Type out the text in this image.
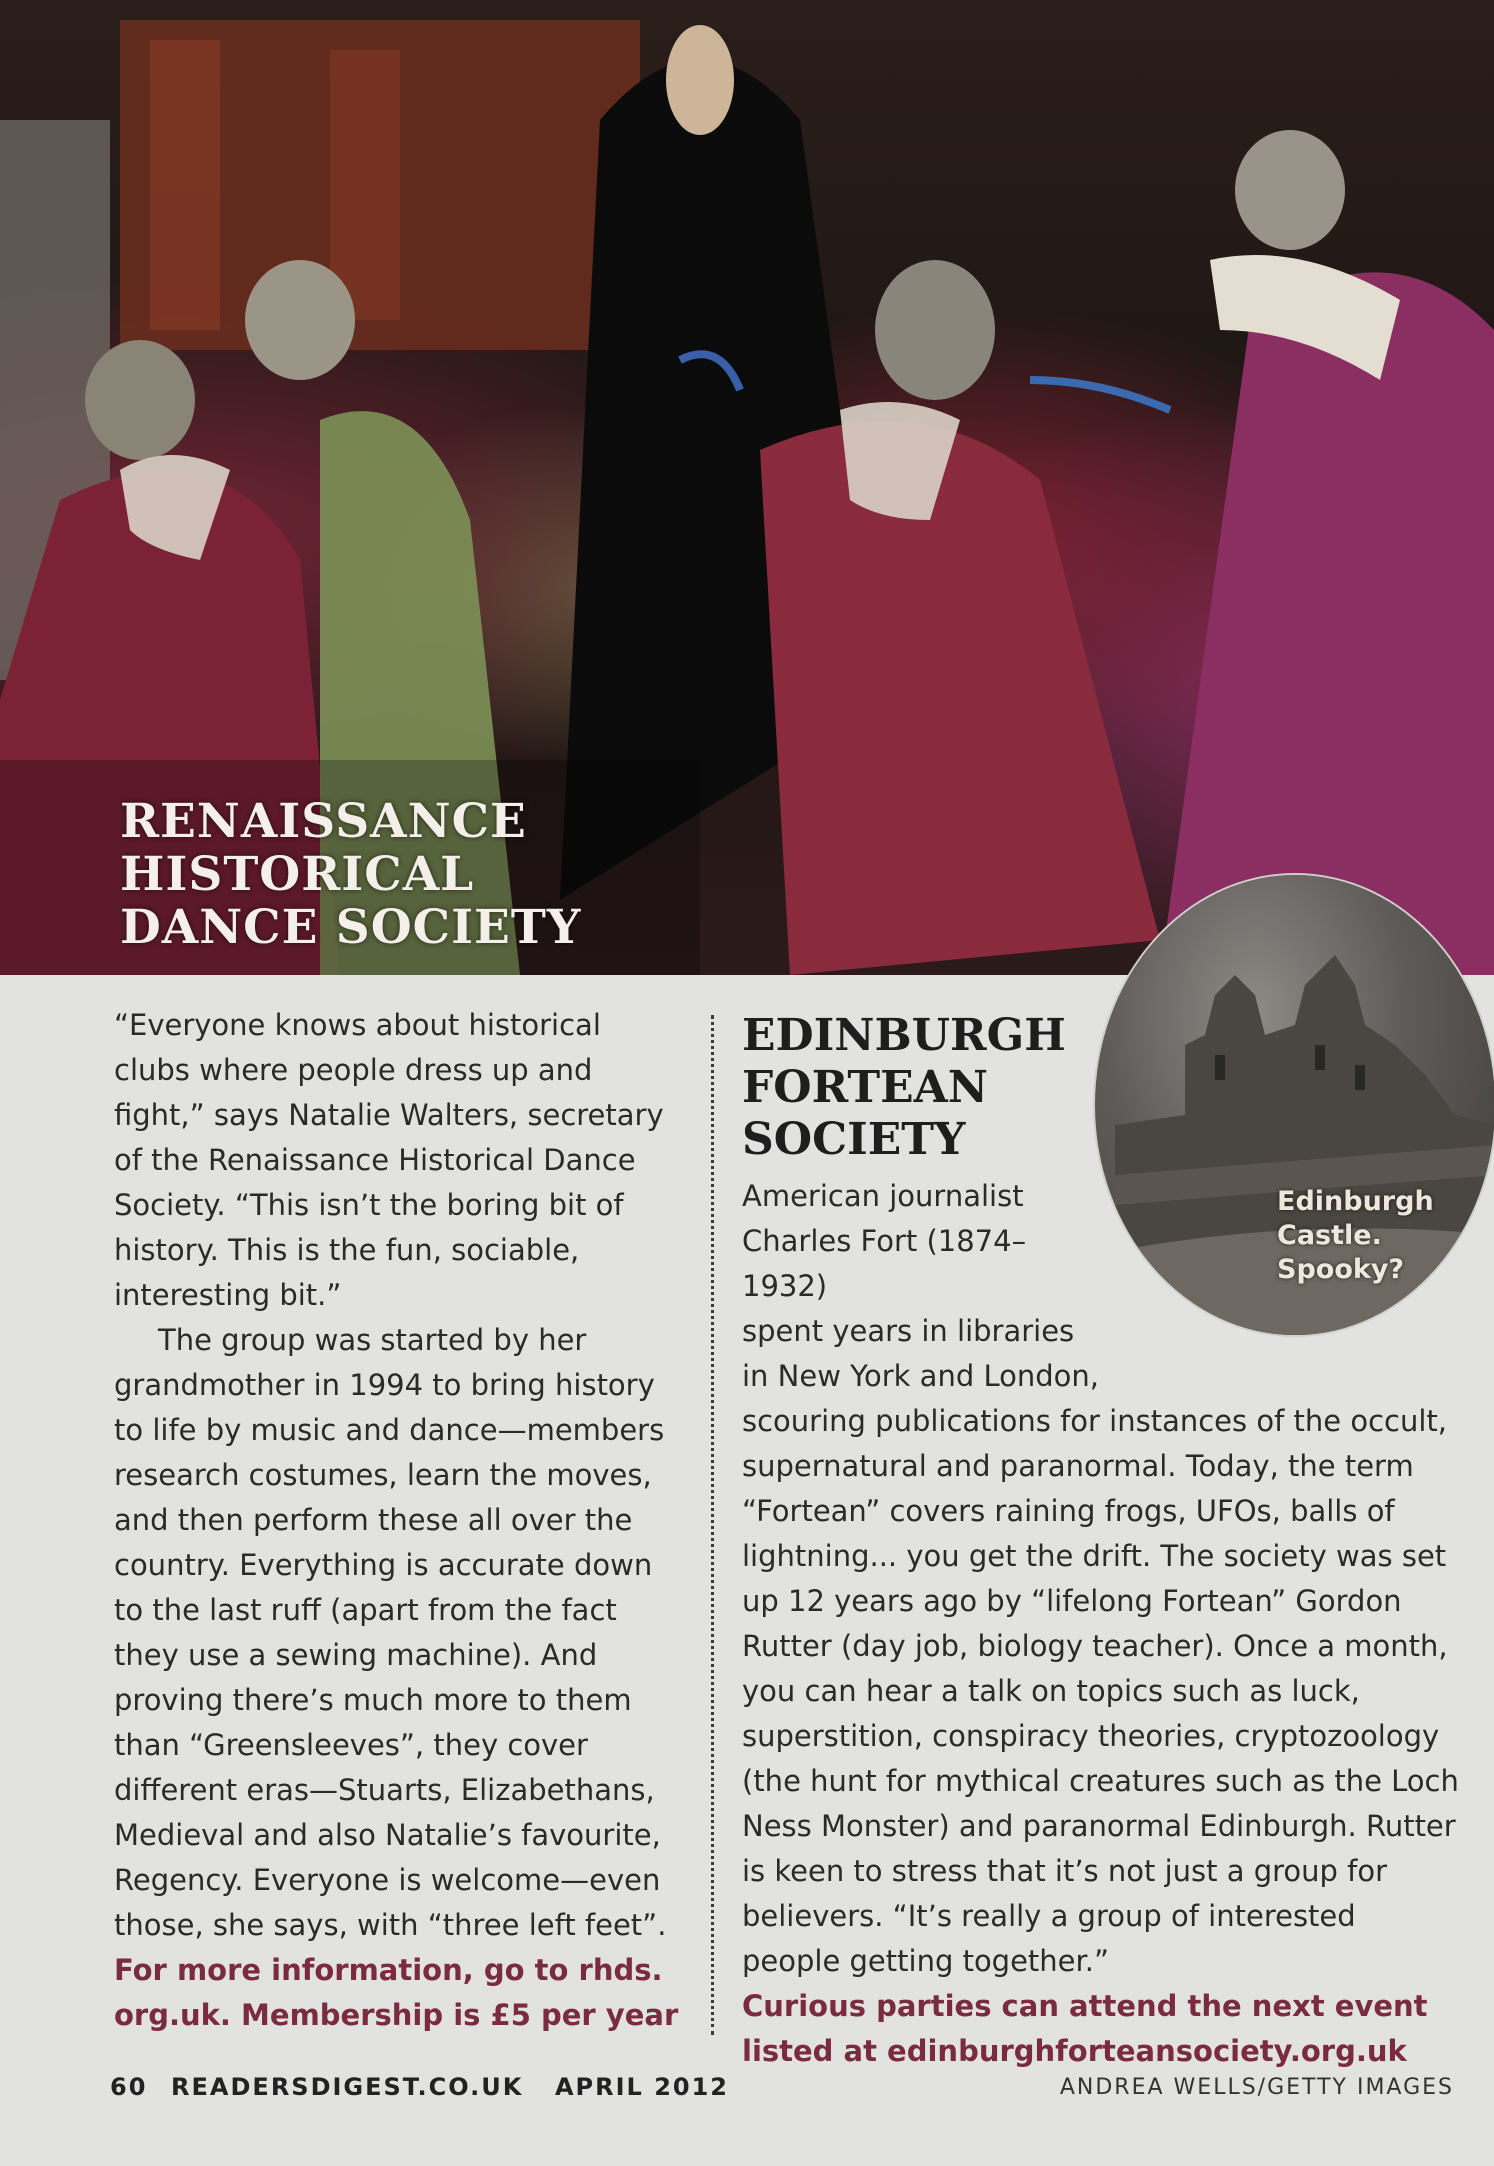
RENAISSANCE
HISTORICAL
DANCE SOCIETY

“Everyone knows about historical clubs where people dress up and fight,” says Natalie Walters, secretary of the Renaissance Historical Dance Society. “This isn’t the boring bit of history. This is the fun, sociable, interesting bit.”

The group was started by her grandmother in 1994 to bring history to life by music and dance—members research costumes, learn the moves, and then perform these all over the country. Everything is accurate down to the last ruff (apart from the fact they use a sewing machine). And proving there’s much more to them than “Greensleeves”, they cover different eras—Stuarts, Elizabethans, Medieval and also Natalie’s favourite, Regency. Everyone is welcome—even those, she says, with “three left feet”.

For more information, go to rhds. org.uk. Membership is £5 per year

EDINBURGH
FORTEAN
SOCIETY

American journalist
Charles Fort (1874–1932)
spent years in libraries
in New York and London,

scouring publications for instances of the occult, supernatural and paranormal. Today, the term “Fortean” covers raining frogs, UFOs, balls of lightning... you get the drift. The society was set up 12 years ago by “lifelong Fortean” Gordon Rutter (day job, biology teacher). Once a month, you can hear a talk on topics such as luck, superstition, conspiracy theories, cryptozoology (the hunt for mythical creatures such as the Loch Ness Monster) and paranormal Edinburgh. Rutter is keen to stress that it’s not just a group for believers. “It’s really a group of interested people getting together.”

Curious parties can attend the next event listed at edinburghforteansociety.org.uk

Edinburgh
Castle.
Spooky?
60 READERSDIGEST.CO.UK APRIL 2012	ANDREA WELLS/GETTY IMAGES
